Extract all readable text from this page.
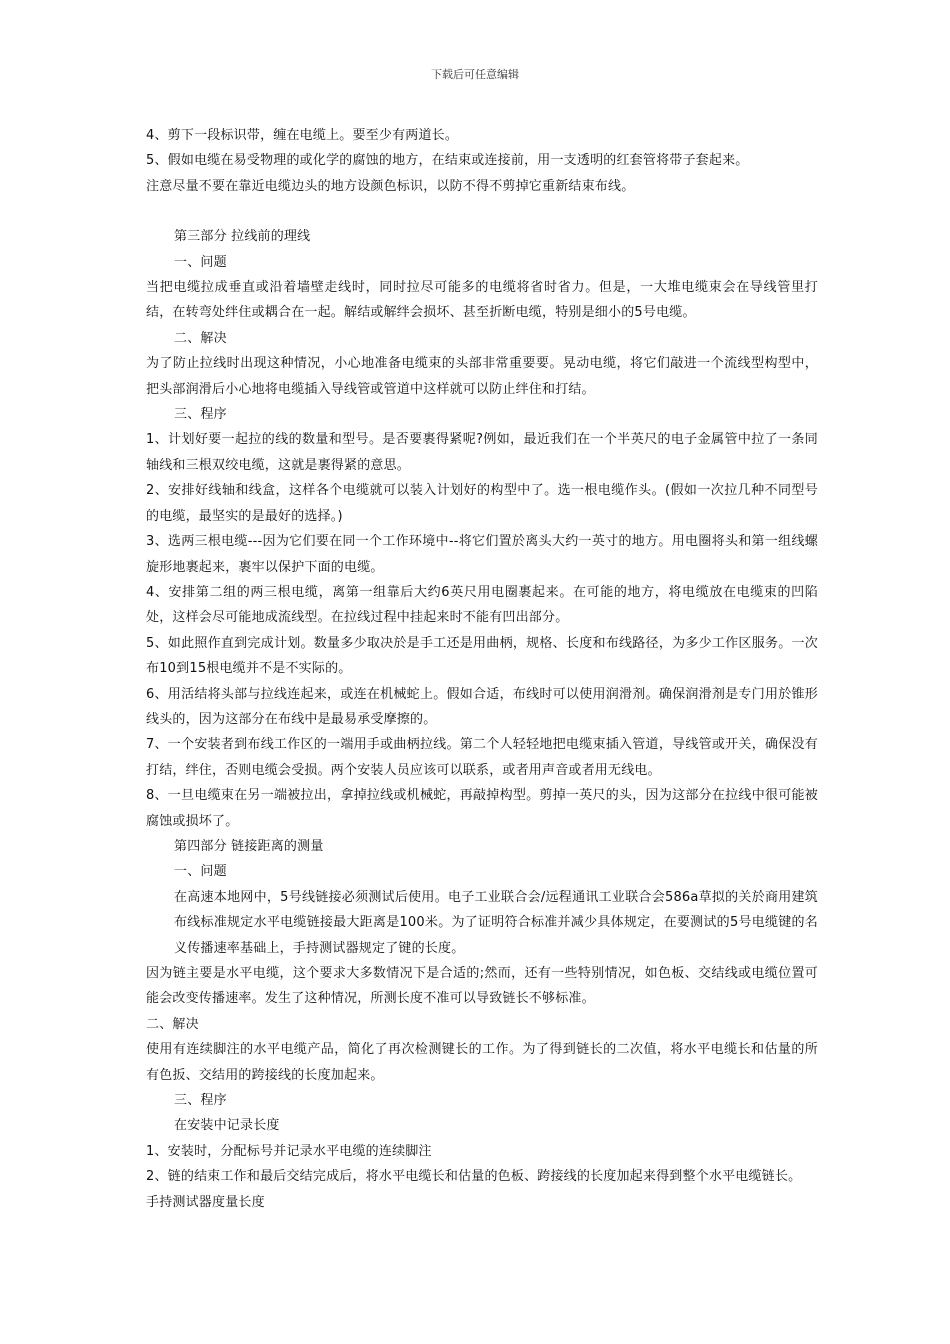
下载后可任意编辑

4、剪下一段标识带，缠在电缆上。要至少有两道长。

5、假如电缆在易受物理的或化学的腐蚀的地方，在结束或连接前，用一支透明的红套管将带子套起来。

注意尽量不要在靠近电缆边头的地方设颜色标识，以防不得不剪掉它重新结束布线。

第三部分 拉线前的理线

一、问题

当把电缆拉成垂直或沿着墙壁走线时，同时拉尽可能多的电缆将省时省力。但是，一大堆电缆束会在导线管里打结，在转弯处绊住或耦合在一起。解结或解绊会损坏、甚至折断电缆，特别是细小的5号电缆。

二、解决

为了防止拉线时出现这种情况，小心地准备电缆束的头部非常重要要。晃动电缆，将它们敲进一个流线型构型中，把头部润滑后小心地将电缆插入导线管或管道中这样就可以防止绊住和打结。

三、程序

1、计划好要一起拉的线的数量和型号。是否要裹得紧呢?例如，最近我们在一个半英尺的电子金属管中拉了一条同轴线和三根双绞电缆，这就是裹得紧的意思。

2、安排好线轴和线盒，这样各个电缆就可以装入计划好的构型中了。选一根电缆作头。(假如一次拉几种不同型号的电缆，最坚实的是最好的选择。)

3、选两三根电缆---因为它们要在同一个工作环境中--将它们置於离头大约一英寸的地方。用电圈将头和第一组线螺旋形地裹起来，裹牢以保护下面的电缆。

4、安排第二组的两三根电缆，离第一组靠后大约6英尺用电圈裹起来。在可能的地方，将电缆放在电缆束的凹陷处，这样会尽可能地成流线型。在拉线过程中挂起来时不能有凹出部分。

5、如此照作直到完成计划。数量多少取决於是手工还是用曲柄，规格、长度和布线路径，为多少工作区服务。一次布10到15根电缆并不是不实际的。

6、用活结将头部与拉线连起来，或连在机械蛇上。假如合适，布线时可以使用润滑剂。确保润滑剂是专门用於锥形线头的，因为这部分在布线中是最易承受摩擦的。

7、一个安装者到布线工作区的一端用手或曲柄拉线。第二个人轻轻地把电缆束插入管道，导线管或开关，确保没有打结，绊住，否则电缆会受损。两个安装人员应该可以联系，或者用声音或者用无线电。

8、一旦电缆束在另一端被拉出，拿掉拉线或机械蛇，再敲掉构型。剪掉一英尺的头，因为这部分在拉线中很可能被腐蚀或损坏了。

第四部分 链接距离的测量

一、问题

在高速本地网中，5号线链接必须测试后使用。电子工业联合会/远程通讯工业联合会586a草拟的关於商用建筑布线标准规定水平电缆链接最大距离是100米。为了证明符合标准并减少具体规定，在要测试的5号电缆键的名义传播速率基础上，手持测试器规定了键的长度。

因为链主要是水平电缆，这个要求大多数情况下是合适的;然而，还有一些特别情况，如色板、交结线或电缆位置可能会改变传播速率。发生了这种情况，所测长度不准可以导致链长不够标准。

二、解决

使用有连续脚注的水平电缆产品，简化了再次检测键长的工作。为了得到链长的二次值，将水平电缆长和估量的所有色扳、交结用的跨接线的长度加起来。

三、程序

在安装中记录长度

1、安装时，分配标号并记录水平电缆的连续脚注

2、链的结束工作和最后交结完成后，将水平电缆长和估量的色板、跨接线的长度加起来得到整个水平电缆链长。

手持测试器度量长度
